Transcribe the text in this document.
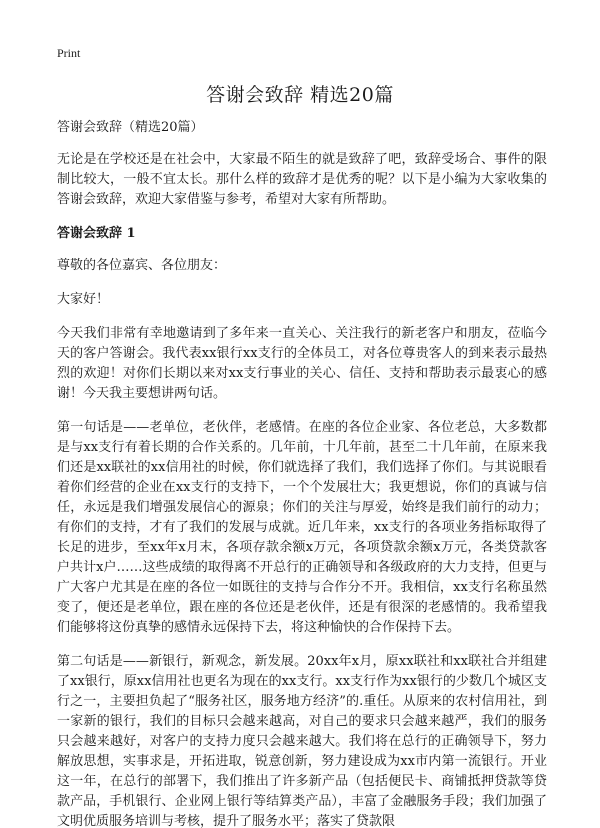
Print
答谢会致辞 精选20篇

答谢会致辞（精选20篇）

无论是在学校还是在社会中，大家最不陌生的就是致辞了吧，致辞受场合、事件的限制比较大，一般不宜太长。那什么样的致辞才是优秀的呢？以下是小编为大家收集的答谢会致辞，欢迎大家借鉴与参考，希望对大家有所帮助。

答谢会致辞 1

尊敬的各位嘉宾、各位朋友：

大家好！

今天我们非常有幸地邀请到了多年来一直关心、关注我行的新老客户和朋友，莅临今天的客户答谢会。我代表xx银行xx支行的全体员工，对各位尊贵客人的到来表示最热烈的欢迎！对你们长期以来对xx支行事业的关心、信任、支持和帮助表示最衷心的感谢！今天我主要想讲两句话。

第一句话是——老单位，老伙伴，老感情。在座的各位企业家、各位老总，大多数都是与xx支行有着长期的合作关系的。几年前，十几年前，甚至二十几年前，在原来我们还是xx联社的xx信用社的时候，你们就选择了我们，我们选择了你们。与其说眼看着你们经营的企业在xx支行的支持下，一个个发展壮大；我更想说，你们的真诚与信任，永远是我们增强发展信心的源泉；你们的关注与厚爱，始终是我们前行的动力；有你们的支持，才有了我们的发展与成就。近几年来，xx支行的各项业务指标取得了长足的进步，至xx年x月末，各项存款余额x万元，各项贷款余额x万元，各类贷款客户共计x户……这些成绩的取得离不开总行的正确领导和各级政府的大力支持，但更与广大客户尤其是在座的各位一如既往的支持与合作分不开。我相信，xx支行名称虽然变了，便还是老单位，跟在座的各位还是老伙伴，还是有很深的老感情的。我希望我们能够将这份真挚的感情永远保持下去，将这种愉快的合作保持下去。

第二句话是——新银行，新观念，新发展。20xx年x月，原xx联社和xx联社合并组建了xx银行，原xx信用社也更名为现在的xx支行。xx支行作为xx银行的少数几个城区支行之一，主要担负起了“服务社区，服务地方经济”的.重任。从原来的农村信用社，到一家新的银行，我们的目标只会越来越高，对自己的要求只会越来越严，我们的服务只会越来越好，对客户的支持力度只会越来越大。我们将在总行的正确领导下，努力解放思想，实事求是，开拓进取，锐意创新，努力建设成为xx市内第一流银行。开业这一年，在总行的部署下，我们推出了许多新产品（包括便民卡、商铺抵押贷款等贷款产品，手机银行、企业网上银行等结算类产品），丰富了金融服务手段；我们加强了文明优质服务培训与考核，提升了服务水平；落实了贷款限
